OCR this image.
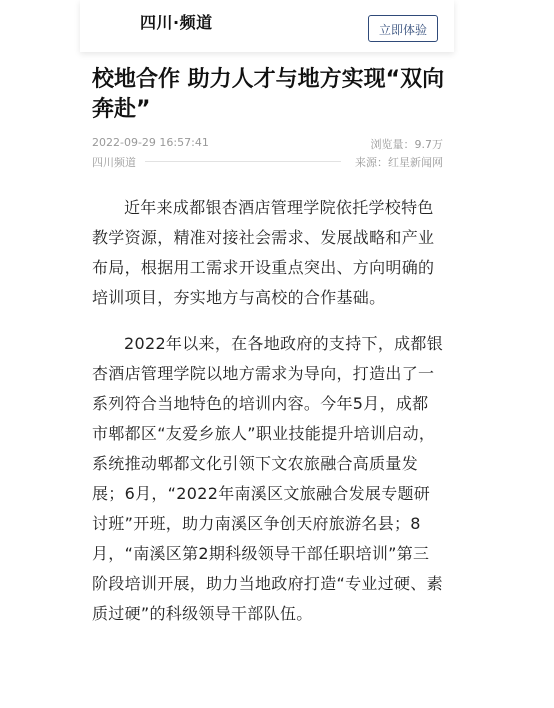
四川·频道	立即体验
校地合作 助力人才与地方实现“双向奔赴”
2022-09-29 16:57:41	浏览量：9.7万
四川频道	来源：红星新闻网

近年来成都银杏酒店管理学院依托学校特色教学资源，精准对接社会需求、发展战略和产业布局，根据用工需求开设重点突出、方向明确的培训项目，夯实地方与高校的合作基础。

2022年以来，在各地政府的支持下，成都银杏酒店管理学院以地方需求为导向，打造出了一系列符合当地特色的培训内容。今年5月，成都市郫都区“友爱乡旅人”职业技能提升培训启动，系统推动郫都文化引领下文农旅融合高质量发展；6月，“2022年南溪区文旅融合发展专题研讨班”开班，助力南溪区争创天府旅游名县；8月，“南溪区第2期科级领导干部任职培训”第三阶段培训开展，助力当地政府打造“专业过硬、素质过硬”的科级领导干部队伍。
